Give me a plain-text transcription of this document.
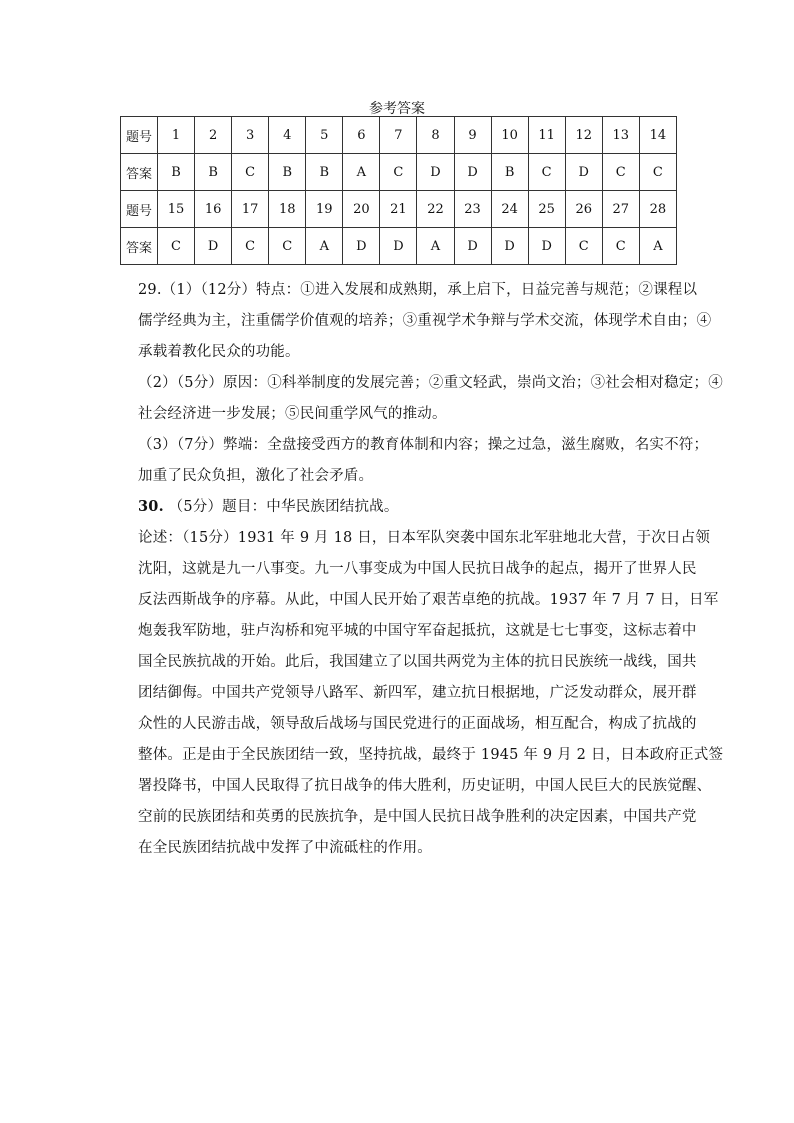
参考答案
题号	1	2	3	4	5	6	7	8	9	10	11	12	13	14
答案	B	B	C	B	B	A	C	D	D	B	C	D	C	C
题号	15	16	17	18	19	20	21	22	23	24	25	26	27	28
答案	C	D	C	C	A	D	D	A	D	D	D	C	C	A
29.（1）（12分）特点：①进入发展和成熟期，承上启下，日益完善与规范；②课程以
儒学经典为主，注重儒学价值观的培养；③重视学术争辩与学术交流，体现学术自由；④
承载着教化民众的功能。
（2）（5分）原因：①科举制度的发展完善；②重文轻武，崇尚文治；③社会相对稳定；④
社会经济进一步发展；⑤民间重学风气的推动。
（3）（7分）弊端：全盘接受西方的教育体制和内容；操之过急，滋生腐败，名实不符；
加重了民众负担，激化了社会矛盾。
30. （5分）题目：中华民族团结抗战。
论述：（15分）1931 年 9 月 18 日，日本军队突袭中国东北军驻地北大营，于次日占领
沈阳，这就是九一八事变。九一八事变成为中国人民抗日战争的起点，揭开了世界人民
反法西斯战争的序幕。从此，中国人民开始了艰苦卓绝的抗战。1937 年 7 月 7 日，日军
炮轰我军防地，驻卢沟桥和宛平城的中国守军奋起抵抗，这就是七七事变，这标志着中
国全民族抗战的开始。此后，我国建立了以国共两党为主体的抗日民族统一战线，国共
团结御侮。中国共产党领导八路军、新四军，建立抗日根据地，广泛发动群众，展开群
众性的人民游击战，领导敌后战场与国民党进行的正面战场，相互配合，构成了抗战的
整体。正是由于全民族团结一致，坚持抗战，最终于 1945 年 9 月 2 日，日本政府正式签
署投降书，中国人民取得了抗日战争的伟大胜利，历史证明，中国人民巨大的民族觉醒、
空前的民族团结和英勇的民族抗争，是中国人民抗日战争胜利的决定因素，中国共产党
在全民族团结抗战中发挥了中流砥柱的作用。
